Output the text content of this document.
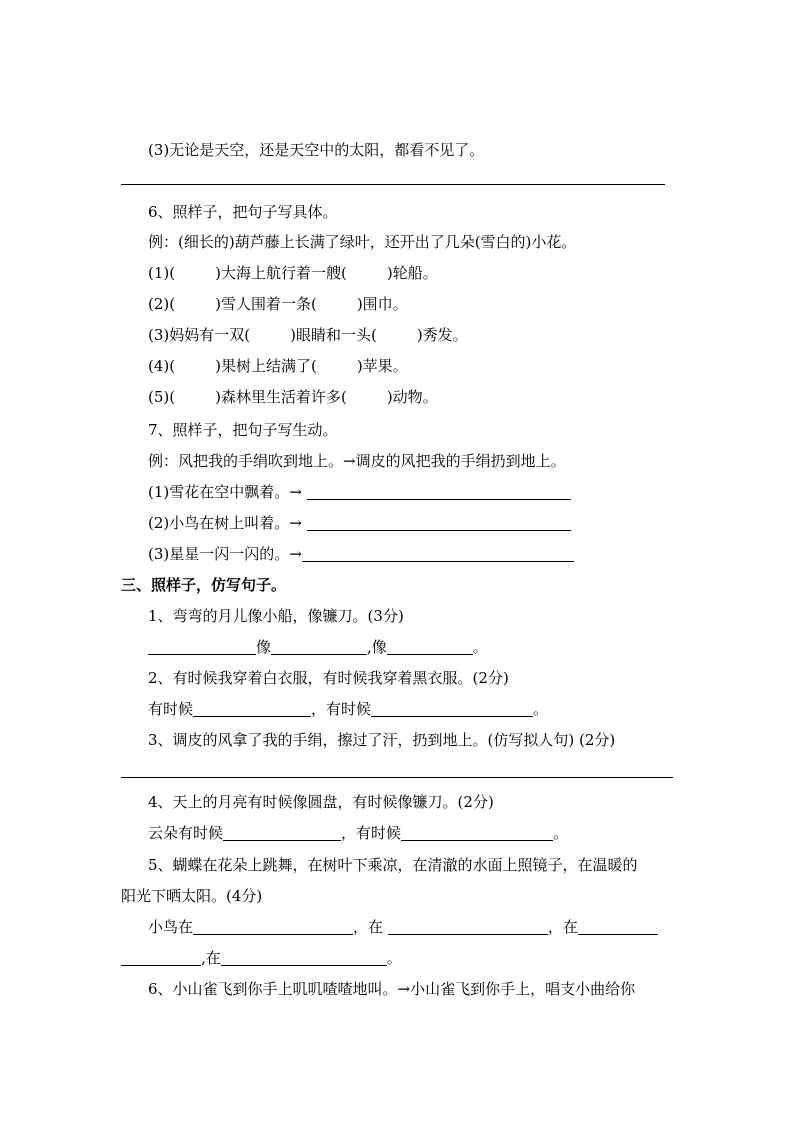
(3)无论是天空，还是天空中的太阳，都看不见了。
6、照样子，把句子写具体。
例：(细长的)葫芦藤上长满了绿叶，还开出了几朵(雪白的)小花。
(1)(	)大海上航行着一艘(	)轮船。
(2)(	)雪人围着一条(	)围巾。
(3)妈妈有一双(	)眼睛和一头(	)秀发。
(4)(	)果树上结满了(	)苹果。
(5)(	)森林里生活着许多(	)动物。
7、照样子，把句子写生动。
例：风把我的手绢吹到地上。→调皮的风把我的手绢扔到地上。
(1)雪花在空中飘着。→
(2)小鸟在树上叫着。→
(3)星星一闪一闪的。→
三、照样子，仿写句子。
1、弯弯的月儿像小船，像镰刀。(3分)
像	,像	。
2、有时候我穿着白衣服，有时候我穿着黑衣服。(2分)
有时候	，有时候	。
3、调皮的风拿了我的手绢，擦过了汗，扔到地上。(仿写拟人句) (2分)
4、天上的月亮有时候像圆盘，有时候像镰刀。(2分)
云朵有时候	，有时候	。
5、蝴蝶在花朵上跳舞，在树叶下乘凉，在清澈的水面上照镜子，在温暖的
阳光下晒太阳。(4分)
小鸟在	，在	，在
,在	。
6、小山雀飞到你手上叽叽喳喳地叫。→小山雀飞到你手上，唱支小曲给你
